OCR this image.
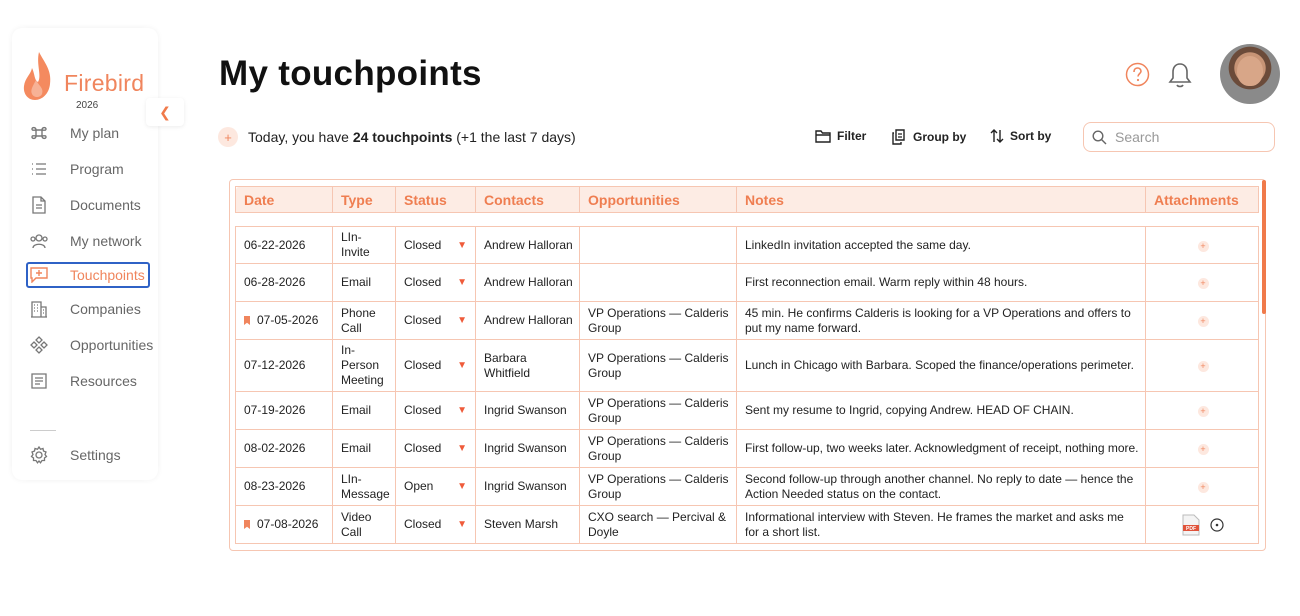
Firebird
2026
My plan
Program
Documents
My network
Touchpoints
Companies
Opportunities
Resources
Settings
❮
My touchpoints
+ Today, you have 24 touchpoints (+1 the last 7 days)	Filter	Group by	Sort by
Search
Date	Type	Status	Contacts	Opportunities	Notes	Attachments

06-22-2026	LIn-Invite	Closed ▼	Andrew Halloran		LinkedIn invitation accepted the same day.	+
06-28-2026	Email	Closed ▼	Andrew Halloran		First reconnection email. Warm reply within 48 hours.	+
07-05-2026	Phone Call	Closed ▼	Andrew Halloran	VP Operations — Calderis Group	45 min. He confirms Calderis is looking for a VP Operations and offers to put my name forward.	+
07-12-2026	In-Person Meeting	Closed ▼	Barbara Whitfield	VP Operations — Calderis Group	Lunch in Chicago with Barbara. Scoped the finance/operations perimeter.	+
07-19-2026	Email	Closed ▼	Ingrid Swanson	VP Operations — Calderis Group	Sent my resume to Ingrid, copying Andrew. HEAD OF CHAIN.	+
08-02-2026	Email	Closed ▼	Ingrid Swanson	VP Operations — Calderis Group	First follow-up, two weeks later. Acknowledgment of receipt, nothing more.	+
08-23-2026	LIn-Message	Open ▼	Ingrid Swanson	VP Operations — Calderis Group	Second follow-up through another channel. No reply to date — hence the Action Needed status on the contact.	+
07-08-2026	Video Call	Closed ▼	Steven Marsh	CXO search — Percival & Doyle	Informational interview with Steven. He frames the market and asks me for a short list.	PDF
